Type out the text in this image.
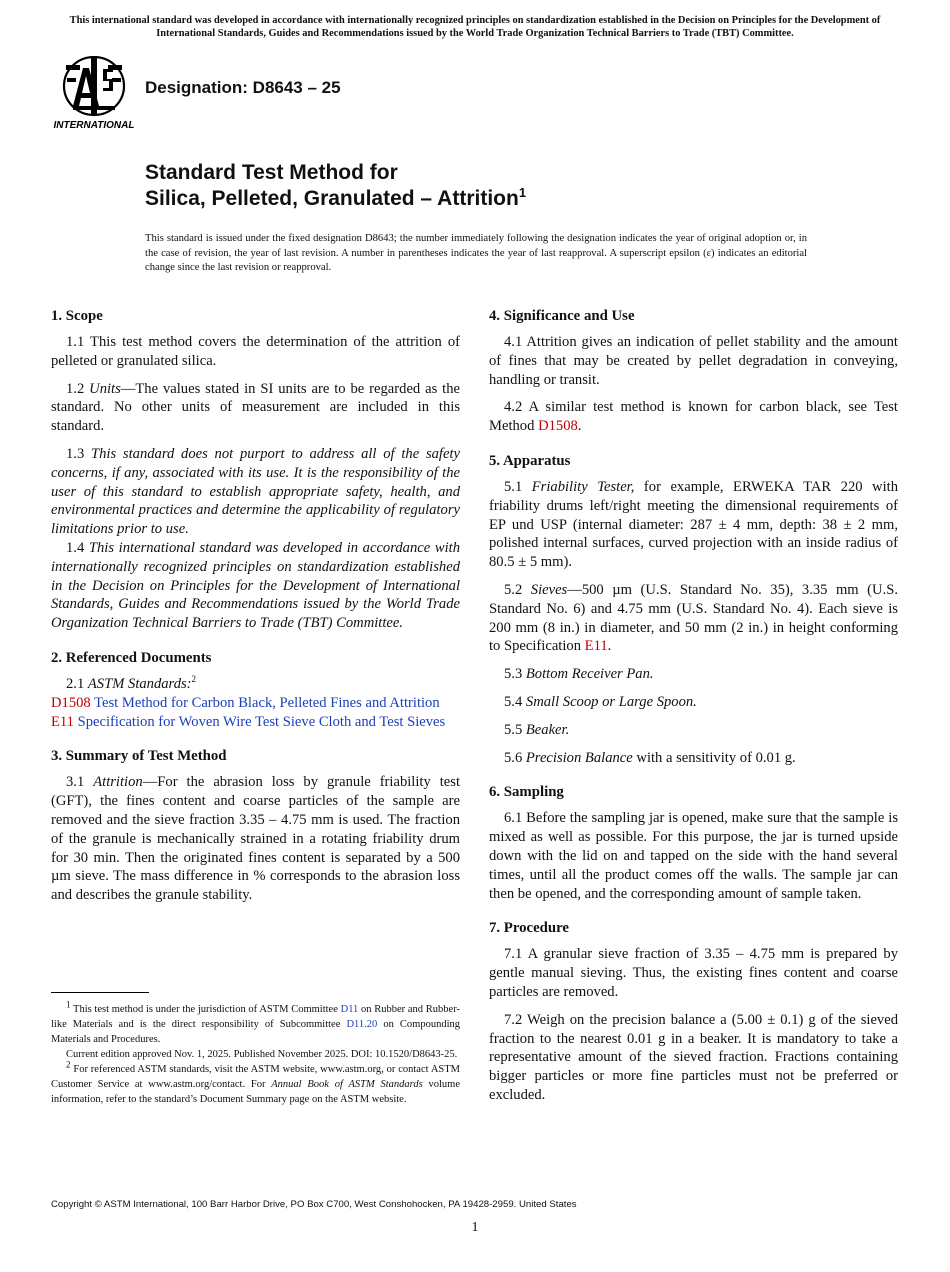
This international standard was developed in accordance with internationally recognized principles on standardization established in the Decision on Principles for the Development of International Standards, Guides and Recommendations issued by the World Trade Organization Technical Barriers to Trade (TBT) Committee.
INTERNATIONAL
Designation: D8643 – 25
Standard Test Method for
Silica, Pelleted, Granulated – Attrition$^1$
This standard is issued under the fixed designation D8643; the number immediately following the designation indicates the year of original adoption or, in the case of revision, the year of last revision. A number in parentheses indicates the year of last reapproval. A superscript epsilon (ε) indicates an editorial change since the last revision or reapproval.
1. Scope

1.1 This test method covers the determination of the attrition of pelleted or granulated silica.

1.2 Units—The values stated in SI units are to be regarded as the standard. No other units of measurement are included in this standard.

1.3 This standard does not purport to address all of the safety concerns, if any, associated with its use. It is the responsibility of the user of this standard to establish appropriate safety, health, and environmental practices and determine the applicability of regulatory limitations prior to use.

1.4 This international standard was developed in accordance with internationally recognized principles on standardization established in the Decision on Principles for the Development of International Standards, Guides and Recommendations issued by the World Trade Organization Technical Barriers to Trade (TBT) Committee.

2. Referenced Documents

2.1 ASTM Standards:$^2$

D1508 Test Method for Carbon Black, Pelleted Fines and Attrition
E11 Specification for Woven Wire Test Sieve Cloth and Test Sieves
3. Summary of Test Method

3.1 Attrition—For the abrasion loss by granule friability test (GFT), the fines content and coarse particles of the sample are removed and the sieve fraction 3.35 – 4.75 mm is used. The fraction of the granule is mechanically strained in a rotating friability drum for 30 min. Then the originated fines content is separated by a 500 µm sieve. The mass difference in % corresponds to the abrasion loss and describes the granule stability.

4. Significance and Use

4.1 Attrition gives an indication of pellet stability and the amount of fines that may be created by pellet degradation in conveying, handling or transit.

4.2 A similar test method is known for carbon black, see Test Method D1508.

5. Apparatus

5.1 Friability Tester, for example, ERWEKA TAR 220 with friability drums left/right meeting the dimensional requirements of EP und USP (internal diameter: 287 ± 4 mm, depth: 38 ± 2 mm, polished internal surfaces, curved projection with an inside radius of 80.5 ± 5 mm).

5.2 Sieves—500 µm (U.S. Standard No. 35), 3.35 mm (U.S. Standard No. 6) and 4.75 mm (U.S. Standard No. 4). Each sieve is 200 mm (8 in.) in diameter, and 50 mm (2 in.) in height conforming to Specification E11.

5.3 Bottom Receiver Pan.

5.4 Small Scoop or Large Spoon.

5.5 Beaker.

5.6 Precision Balance with a sensitivity of 0.01 g.

6. Sampling

6.1 Before the sampling jar is opened, make sure that the sample is mixed as well as possible. For this purpose, the jar is turned upside down with the lid on and tapped on the side with the hand several times, until all the product comes off the walls. The sample jar can then be opened, and the corresponding amount of sample taken.

7. Procedure

7.1 A granular sieve fraction of 3.35 – 4.75 mm is prepared by gentle manual sieving. Thus, the existing fines content and coarse particles are removed.

7.2 Weigh on the precision balance a (5.00 ± 0.1) g of the sieved fraction to the nearest 0.01 g in a beaker. It is mandatory to take a representative amount of the sieved fraction. Fractions containing bigger particles or more fine particles must not be preferred or excluded.

$^1$ This test method is under the jurisdiction of ASTM Committee D11 on Rubber and Rubber-like Materials and is the direct responsibility of Subcommittee D11.20 on Compounding Materials and Procedures.
Current edition approved Nov. 1, 2025. Published November 2025. DOI: 10.1520/D8643-25.
$^2$ For referenced ASTM standards, visit the ASTM website, www.astm.org, or contact ASTM Customer Service at www.astm.org/contact. For Annual Book of ASTM Standards volume information, refer to the standard’s Document Summary page on the ASTM website.
Copyright © ASTM International, 100 Barr Harbor Drive, PO Box C700, West Conshohocken, PA 19428-2959. United States
1
